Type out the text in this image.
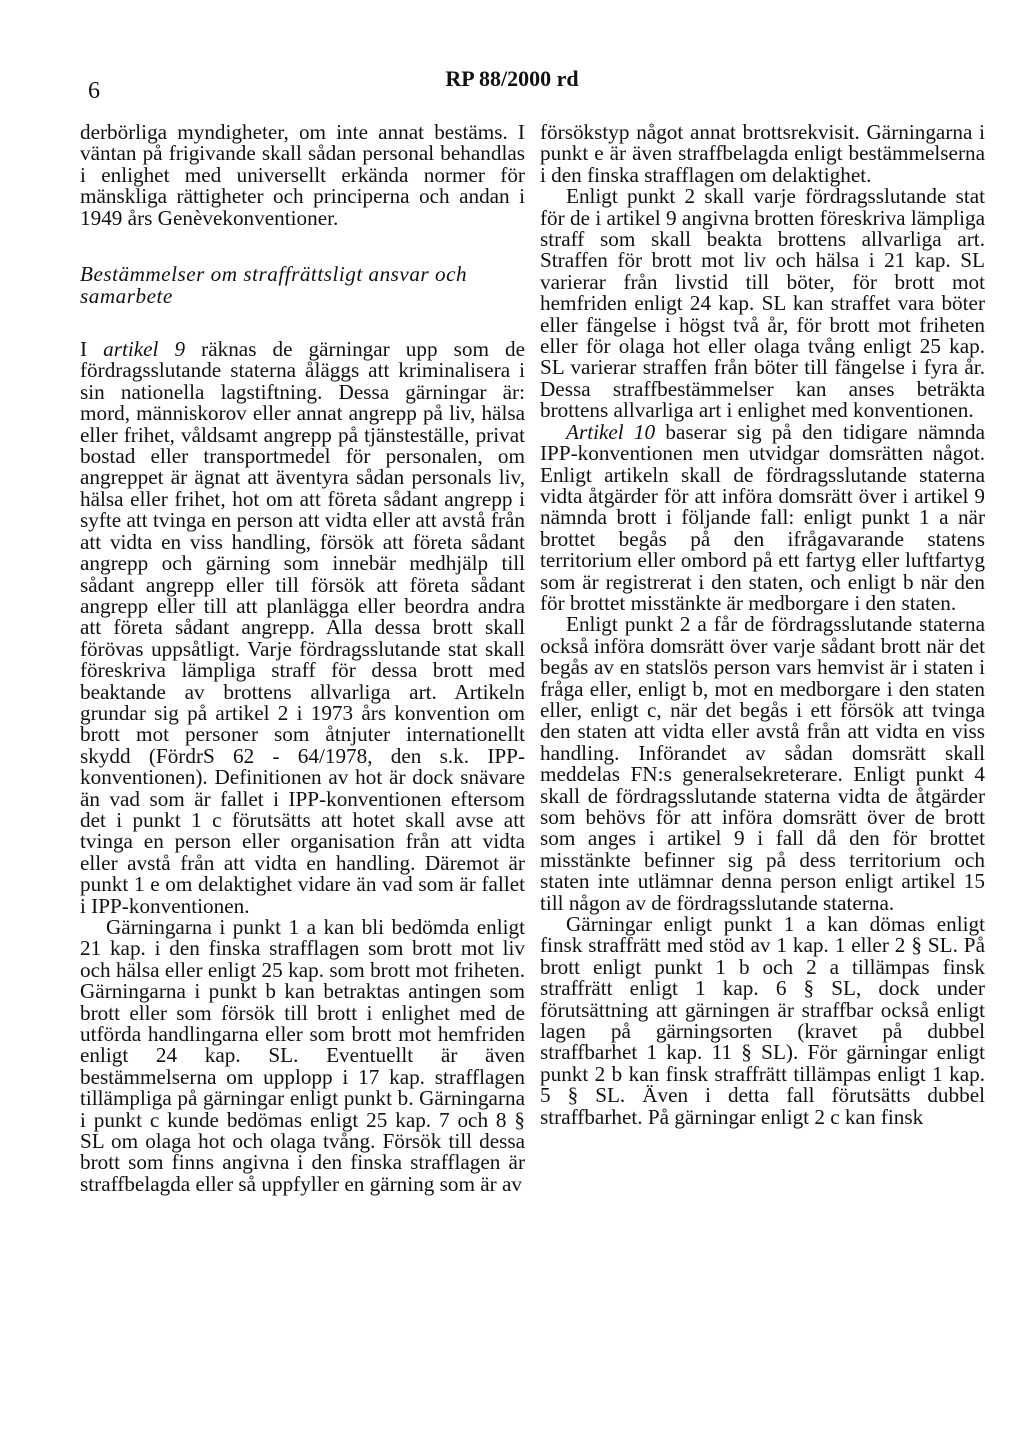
6	RP 88/2000 rd

derbörliga myndigheter, om inte annat bestäms. I väntan på frigivande skall sådan personal behandlas i enlighet med universellt erkända normer för mänskliga rättigheter och principerna och andan i 1949 års Genèvekonventioner.

Bestämmelser om straffrättsligt ansvar och samarbete

I artikel 9 räknas de gärningar upp som de fördragsslutande staterna åläggs att kriminalisera i sin nationella lagstiftning. Dessa gärningar är: mord, människorov eller annat angrepp på liv, hälsa eller frihet, våldsamt angrepp på tjänsteställe, privat bostad eller transportmedel för personalen, om angreppet är ägnat att äventyra sådan personals liv, hälsa eller frihet, hot om att företa sådant angrepp i syfte att tvinga en person att vidta eller att avstå från att vidta en viss handling, försök att företa sådant angrepp och gärning som innebär medhjälp till sådant angrepp eller till försök att företa sådant angrepp eller till att planlägga eller beordra andra att företa sådant angrepp. Alla dessa brott skall förövas uppsåtligt. Varje fördragsslutande stat skall föreskriva lämpliga straff för dessa brott med beaktande av brottens allvarliga art. Artikeln grundar sig på artikel 2 i 1973 års konvention om brott mot personer som åtnjuter internationellt skydd (FördrS 62 - 64/1978, den s.k. IPP-konventionen). Definitionen av hot är dock snävare än vad som är fallet i IPP-konventionen eftersom det i punkt 1 c förutsätts att hotet skall avse att tvinga en person eller organisation från att vidta eller avstå från att vidta en handling. Däremot är punkt 1 e om delaktighet vidare än vad som är fallet i IPP-konventionen.

Gärningarna i punkt 1 a kan bli bedömda enligt 21 kap. i den finska strafflagen som brott mot liv och hälsa eller enligt 25 kap. som brott mot friheten. Gärningarna i punkt b kan betraktas antingen som brott eller som försök till brott i enlighet med de utförda handlingarna eller som brott mot hemfriden enligt 24 kap. SL. Eventuellt är även bestämmelserna om upplopp i 17 kap. strafflagen tillämpliga på gärningar enligt punkt b. Gärningarna i punkt c kunde bedömas enligt 25 kap. 7 och 8 § SL om olaga hot och olaga tvång. Försök till dessa brott som finns angivna i den finska strafflagen är straffbelagda eller så uppfyller en gärning som är av

försökstyp något annat brottsrekvisit. Gärningarna i punkt e är även straffbelagda enligt bestämmelserna i den finska strafflagen om delaktighet.

Enligt punkt 2 skall varje fördragsslutande stat för de i artikel 9 angivna brotten föreskriva lämpliga straff som skall beakta brottens allvarliga art. Straffen för brott mot liv och hälsa i 21 kap. SL varierar från livstid till böter, för brott mot hemfriden enligt 24 kap. SL kan straffet vara böter eller fängelse i högst två år, för brott mot friheten eller för olaga hot eller olaga tvång enligt 25 kap. SL varierar straffen från böter till fängelse i fyra år. Dessa straffbestämmelser kan anses beträkta brottens allvarliga art i enlighet med konventionen.

Artikel 10 baserar sig på den tidigare nämnda IPP-konventionen men utvidgar domsrätten något. Enligt artikeln skall de fördragsslutande staterna vidta åtgärder för att införa domsrätt över i artikel 9 nämnda brott i följande fall: enligt punkt 1 a när brottet begås på den ifrågavarande statens territorium eller ombord på ett fartyg eller luftfartyg som är registrerat i den staten, och enligt b när den för brottet misstänkte är medborgare i den staten.

Enligt punkt 2 a får de fördragsslutande staterna också införa domsrätt över varje sådant brott när det begås av en statslös person vars hemvist är i staten i fråga eller, enligt b, mot en medborgare i den staten eller, enligt c, när det begås i ett försök att tvinga den staten att vidta eller avstå från att vidta en viss handling. Införandet av sådan domsrätt skall meddelas FN:s generalsekreterare. Enligt punkt 4 skall de fördragsslutande staterna vidta de åtgärder som behövs för att införa domsrätt över de brott som anges i artikel 9 i fall då den för brottet misstänkte befinner sig på dess territorium och staten inte utlämnar denna person enligt artikel 15 till någon av de fördragsslutande staterna.

Gärningar enligt punkt 1 a kan dömas enligt finsk straffrätt med stöd av 1 kap. 1 eller 2 § SL. På brott enligt punkt 1 b och 2 a tillämpas finsk straffrätt enligt 1 kap. 6 § SL, dock under förutsättning att gärningen är straffbar också enligt lagen på gärningsorten (kravet på dubbel straffbarhet 1 kap. 11 § SL). För gärningar enligt punkt 2 b kan finsk straffrätt tillämpas enligt 1 kap. 5 § SL. Även i detta fall förutsätts dubbel straffbarhet. På gärningar enligt 2 c kan finsk
